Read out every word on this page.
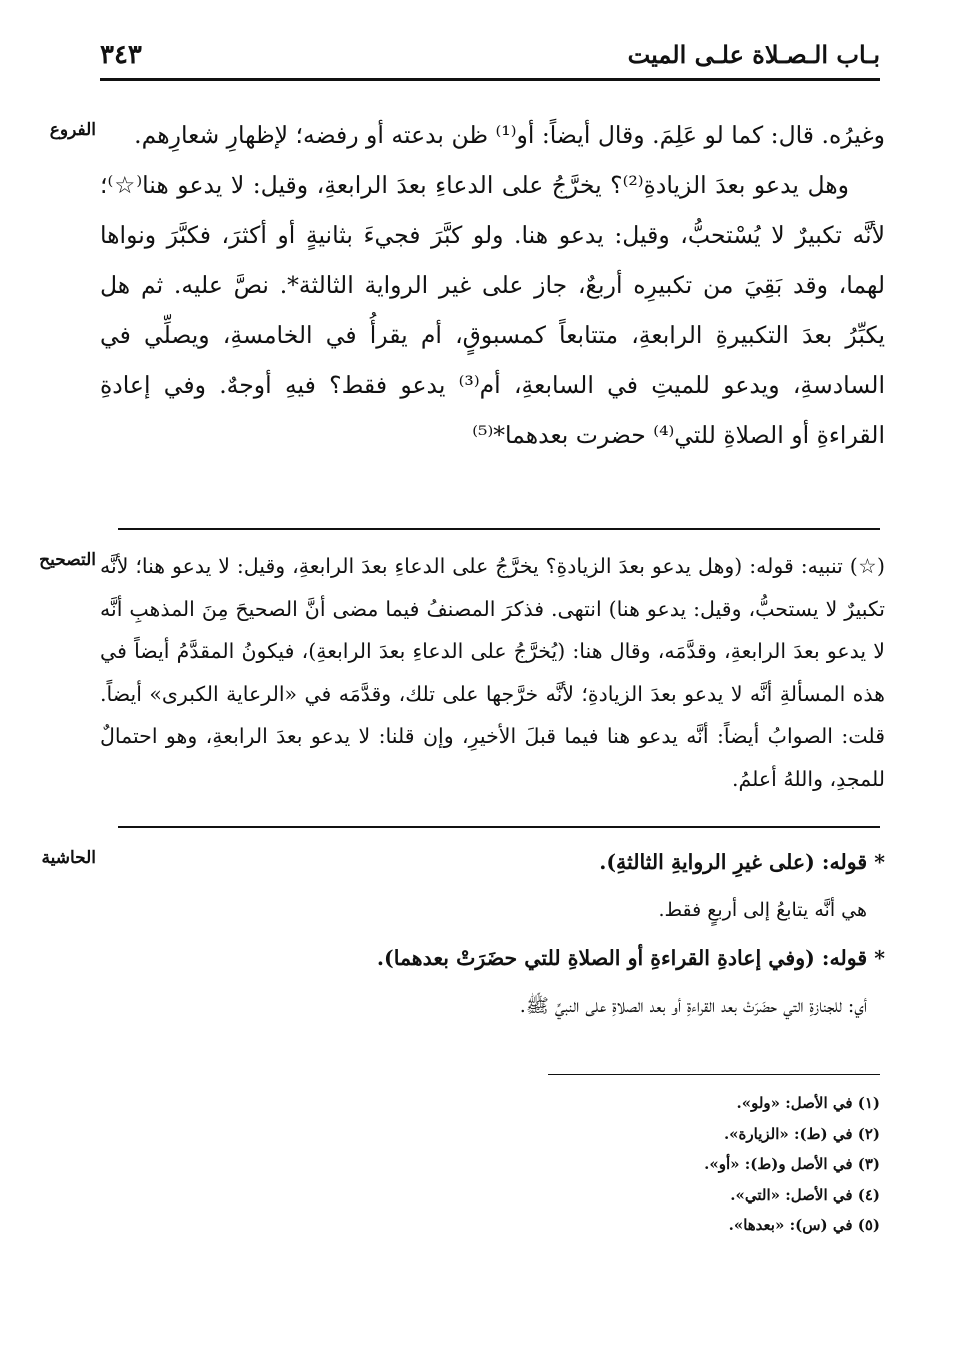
٣٤٣	بـاب الـصـلاة علـى الميت
الفروع	وغيرُه. قال: كما لو عَلِمَ. وقال أيضاً: أو⁽¹⁾ ظن بدعته أو رفضه؛ لإظهارِ شعارِهم.

وهل يدعو بعدَ الزيادةِ⁽²⁾؟ يخرَّجُ على الدعاءِ بعدَ الرابعةِ، وقيل: لا يدعو هنا⁽☆⁾؛ لأنَّه تكبيرٌ لا يُسْتحبُّ، وقيل: يدعو هنا. ولو كبَّرَ فجيءَ بثانيةٍ أو أكثرَ، فكبَّرَ ونواها لهما، وقد بَقِيَ من تكبيرِه أربعٌ، جاز على غير الرواية الثالثة*. نصَّ عليه. ثم هل يكبِّرُ بعدَ التكبيرةِ الرابعةِ، متتابعاً كمسبوقٍ، أم يقرأُ في الخامسةِ، ويصلِّي في السادسةِ، ويدعو للميتِ في السابعةِ، أم⁽³⁾ يدعو فقط؟ فيهِ أوجهٌ. وفي إعادةِ القراءةِ أو الصلاةِ للتي⁽⁴⁾ حضرت بعدهما*⁽⁵⁾

التصحيح (☆) تنبيه: قوله: (وهل يدعو بعدَ الزيادةِ؟ يخرَّجُ على الدعاءِ بعدَ الرابعةِ، وقيل: لا يدعو هنا؛ لأنَّه تكبيرٌ لا يستحبُّ، وقيل: يدعو هنا) انتهى. فذكرَ المصنفُ فيما مضى أنَّ الصحيحَ مِنَ المذهبِ أنَّه لا يدعو بعدَ الرابعةِ، وقدَّمَه، وقال هنا: (يُخرَّجُ على الدعاءِ بعدَ الرابعةِ)، فيكونُ المقدَّمُ أيضاً في هذه المسألةِ أنَّه لا يدعو بعدَ الزيادةِ؛ لأنَّه خرَّجها على تلك، وقدَّمَه في «الرعاية الكبرى» أيضاً. قلت: الصوابُ أيضاً: أنَّه يدعو هنا فيما قبلَ الأخيرِ، وإن قلنا: لا يدعو بعدَ الرابعةِ، وهو احتمالٌ للمجدِ، واللهُ أعلمُ.

الحاشية	* قوله: (على غيرِ الروايةِ الثالثةِ).
هي أنَّه يتابعُ إلى أربعٍ فقط.
* قوله: (وفي إعادةِ القراءةِ أو الصلاةِ للتي حضَرَتْ بعدهما).
أي: للجنازةِ التي حضَرَتْ بعد القراءةِ أو بعد الصلاةِ على النبيِّ ﷺ.
(١) في الأصل: «ولو».
(٢) في (ط): «الزيارة».
(٣) في الأصل و(ط): «أو».
(٤) في الأصل: «التي».
(٥) في (س): «بعدها».
